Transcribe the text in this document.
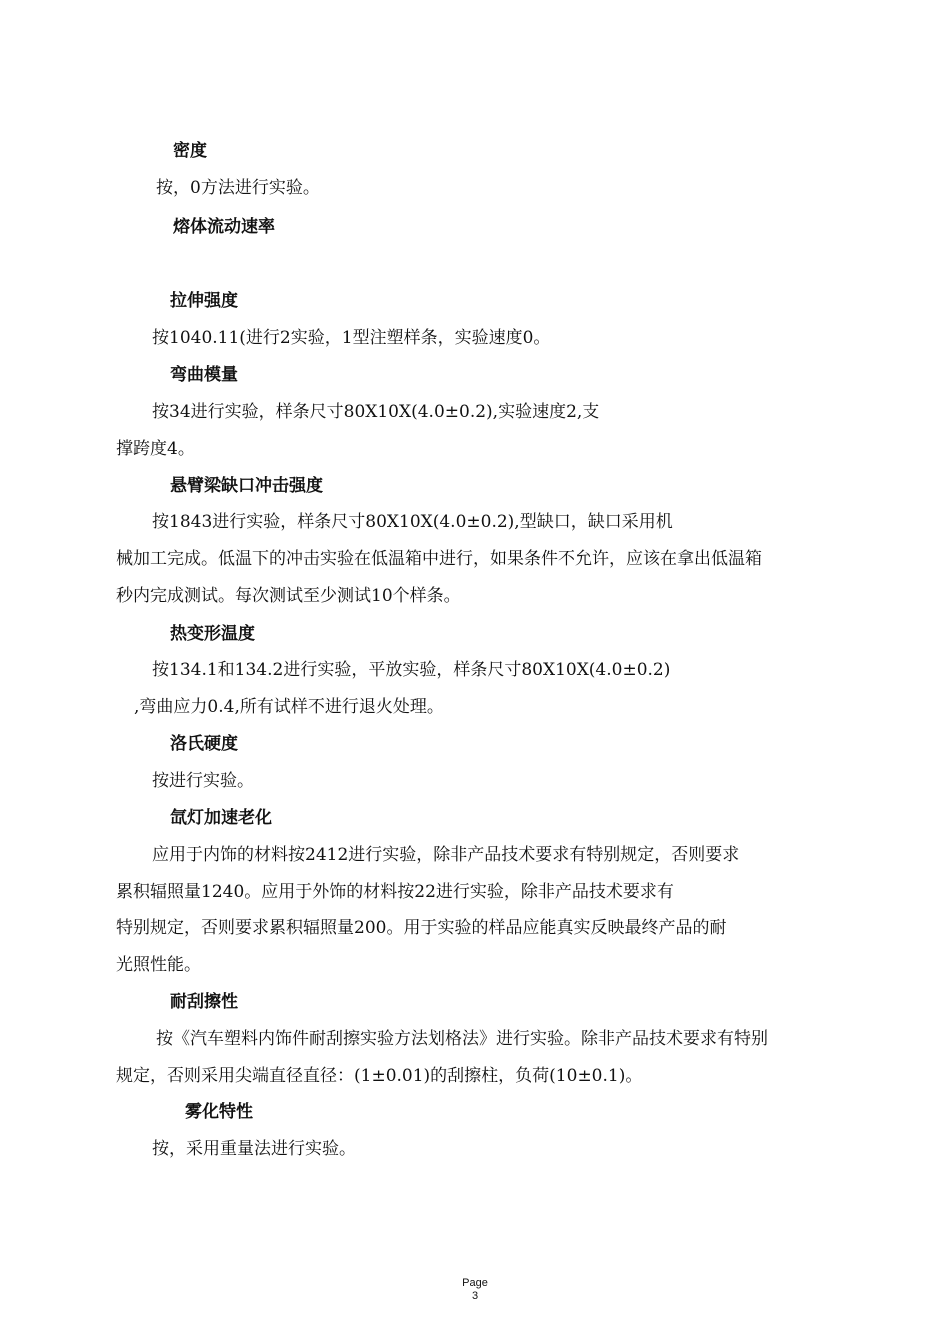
密度
按，0方法进行实验。
熔体流动速率
拉伸强度
按1040.11(进行2实验，1型注塑样条，实验速度0。
弯曲模量
按34进行实验，样条尺寸80X10X(4.0±0.2),实验速度2,支
撑跨度4。
悬臂梁缺口冲击强度
按1843进行实验，样条尺寸80X10X(4.0±0.2),型缺口，缺口采用机
械加工完成。低温下的冲击实验在低温箱中进行，如果条件不允许，应该在拿出低温箱
秒内完成测试。每次测试至少测试10个样条。
热变形温度
按134.1和134.2进行实验，平放实验，样条尺寸80X10X(4.0±0.2)
,弯曲应力0.4,所有试样不进行退火处理。
洛氏硬度
按进行实验。
氙灯加速老化
应用于内饰的材料按2412进行实验，除非产品技术要求有特别规定，否则要求
累积辐照量1240。应用于外饰的材料按22进行实验，除非产品技术要求有
特别规定，否则要求累积辐照量200。用于实验的样品应能真实反映最终产品的耐
光照性能。
耐刮擦性
按《汽车塑料内饰件耐刮擦实验方法划格法》进行实验。除非产品技术要求有特别
规定，否则采用尖端直径直径：(1±0.01)的刮擦柱，负荷(10±0.1)。
雾化特性
按，采用重量法进行实验。
Page
3
